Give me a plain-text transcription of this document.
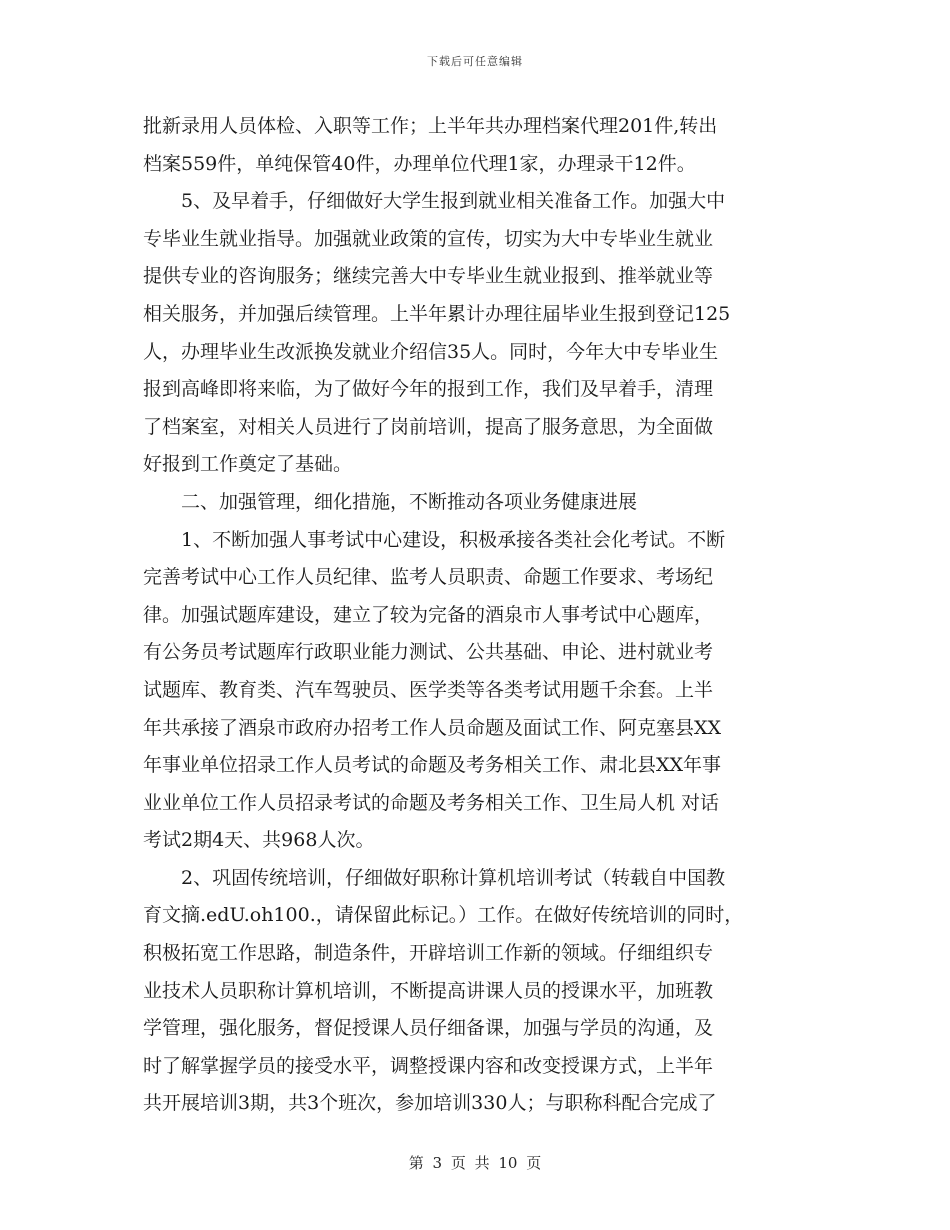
下载后可任意编辑
批新录用人员体检、入职等工作；上半年共办理档案代理201件,转出
档案559件，单纯保管40件，办理单位代理1家，办理录干12件。
　　5、及早着手，仔细做好大学生报到就业相关准备工作。加强大中
专毕业生就业指导。加强就业政策的宣传，切实为大中专毕业生就业
提供专业的咨询服务；继续完善大中专毕业生就业报到、推举就业等
相关服务，并加强后续管理。上半年累计办理往届毕业生报到登记125
人，办理毕业生改派换发就业介绍信35人。同时，今年大中专毕业生
报到高峰即将来临，为了做好今年的报到工作，我们及早着手，清理
了档案室，对相关人员进行了岗前培训，提高了服务意思，为全面做
好报到工作奠定了基础。
　　二、加强管理，细化措施，不断推动各项业务健康进展
　　1、不断加强人事考试中心建设，积极承接各类社会化考试。不断
完善考试中心工作人员纪律、监考人员职责、命题工作要求、考场纪
律。加强试题库建设，建立了较为完备的酒泉市人事考试中心题库，
有公务员考试题库行政职业能力测试、公共基础、申论、进村就业考
试题库、教育类、汽车驾驶员、医学类等各类考试用题千余套。上半
年共承接了酒泉市政府办招考工作人员命题及面试工作、阿克塞县XX
年事业单位招录工作人员考试的命题及考务相关工作、肃北县XX年事
业业单位工作人员招录考试的命题及考务相关工作、卫生局人机 对话
考试2期4天、共968人次。
　　2、巩固传统培训，仔细做好职称计算机培训考试（转载自中国教
育文摘.edU.oh100.，请保留此标记。）工作。在做好传统培训的同时，
积极拓宽工作思路，制造条件，开辟培训工作新的领域。仔细组织专
业技术人员职称计算机培训，不断提高讲课人员的授课水平，加班教
学管理，强化服务，督促授课人员仔细备课，加强与学员的沟通，及
时了解掌握学员的接受水平，调整授课内容和改变授课方式，上半年
共开展培训3期，共3个班次，参加培训330人；与职称科配合完成了
第 3 页 共 10 页
